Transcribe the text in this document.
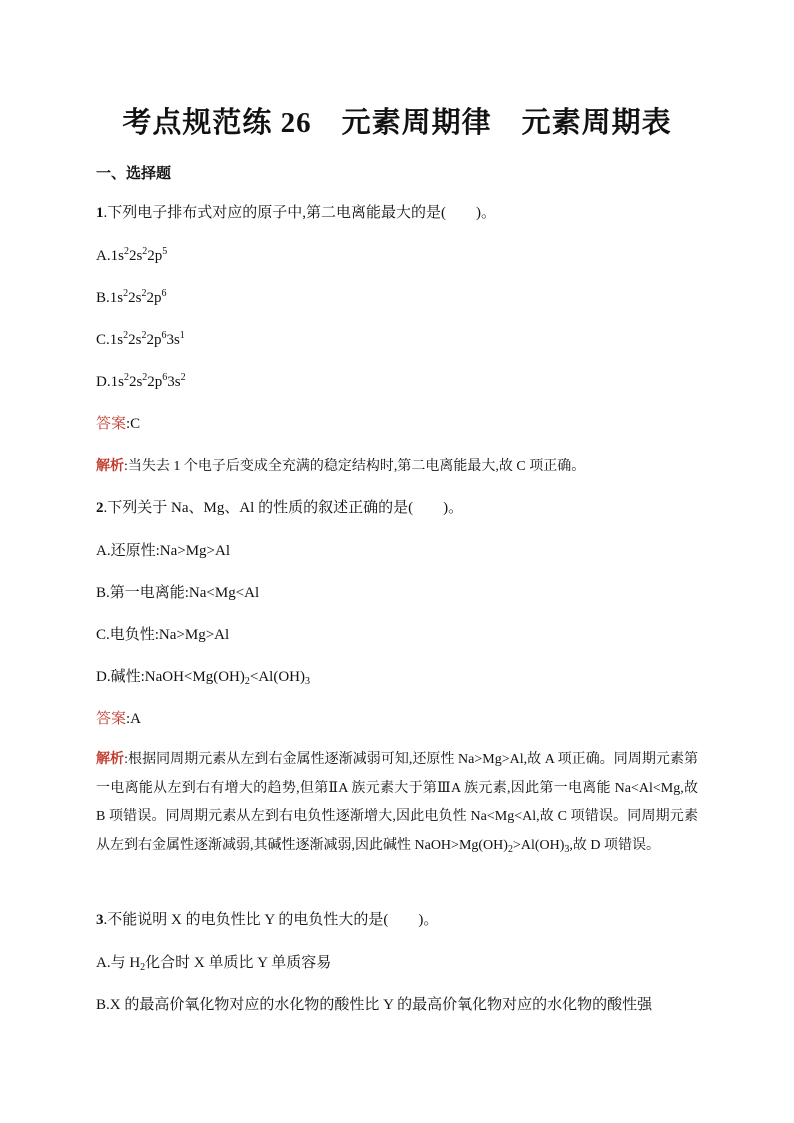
考点规范练 26 元素周期律 元素周期表
一、选择题
1.下列电子排布式对应的原子中,第二电离能最大的是(　　)。
$A.1s^22s^22p^5$
$B.1s^22s^22p^6$
$C.1s^22s^22p^63s^1$
$D.1s^22s^22p^63s^2$
答案:C
解析:当失去 1 个电子后变成全充满的稳定结构时,第二电离能最大,故 C 项正确。
2.下列关于 Na、Mg、Al 的性质的叙述正确的是(　　)。
A.还原性:Na>Mg>Al
B.第一电离能:Na<Mg<Al
C.电负性:Na>Mg>Al
D.碱性$:NaOH<Mg(OH)_2<Al(OH)_3$
答案:A
解析:根据同周期元素从左到右金属性逐渐减弱可知,还原性 Na>Mg>Al,故 A 项正确。同周期元素第一电离能从左到右有增大的趋势,但第ⅡA 族元素大于第ⅢA 族元素,因此第一电离能 Na<Al<Mg,故 B 项错误。同周期元素从左到右电负性逐渐增大,因此电负性 Na<Mg<Al,故 C 项错误。同周期元素从左到右金属性逐渐减弱,其碱性逐渐减弱,因此碱性 $NaOH>Mg(OH)_2>Al(OH)_3$,故 D 项错误。
3.不能说明 X 的电负性比 Y 的电负性大的是(　　)。
A.与 $H_2$化合时 X 单质比 Y 单质容易
B.X 的最高价氧化物对应的水化物的酸性比 Y 的最高价氧化物对应的水化物的酸性强
